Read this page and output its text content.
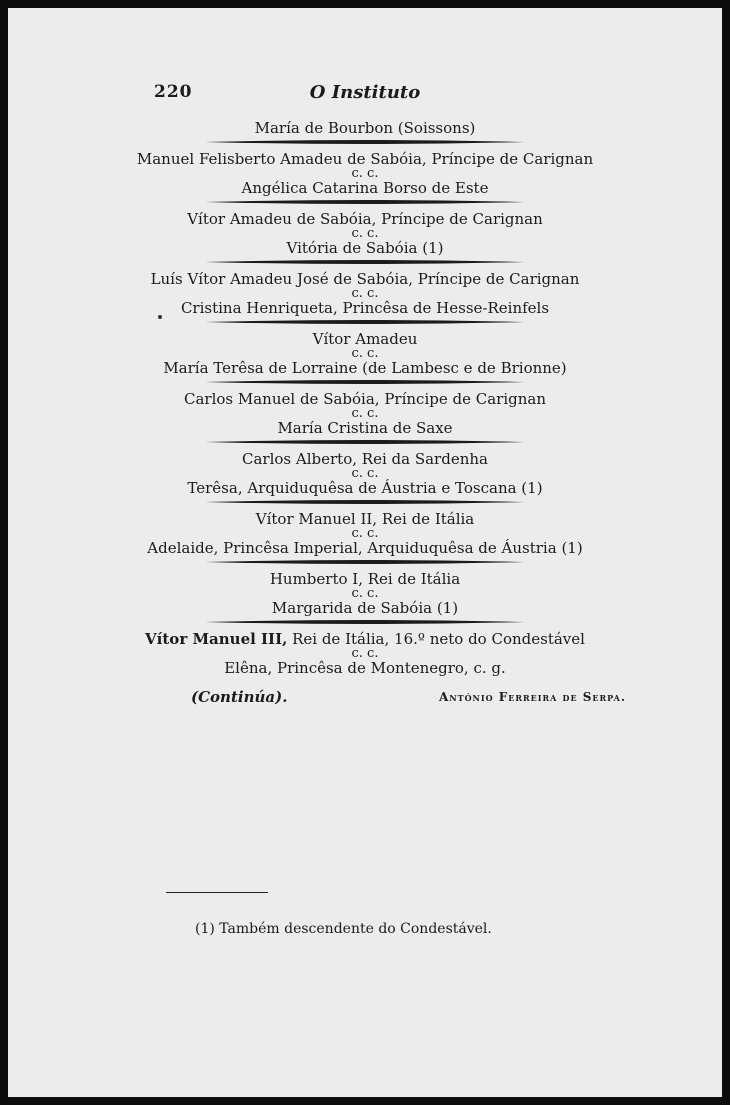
220	O Instituto
María de Bourbon (Soissons)
Manuel Felisberto Amadeu de Sabóia, Príncipe de Carignan
c. c.
Angélica Catarina Borso de Este
Vítor Amadeu de Sabóia, Príncipe de Carignan
c. c.
Vitória de Sabóia (1)
Luís Vítor Amadeu José de Sabóia, Príncipe de Carignan
c. c.
Cristina Henriqueta, Princêsa de Hesse-Reinfels
Vítor Amadeu
c. c.
María Terêsa de Lorraine (de Lambesc e de Brionne)
Carlos Manuel de Sabóia, Príncipe de Carignan
c. c.
María Cristina de Saxe
Carlos Alberto, Rei da Sardenha
c. c.
Terêsa, Arquiduquêsa de Áustria e Toscana (1)
Vítor Manuel II, Rei de Itália
c. c.
Adelaide, Princêsa Imperial, Arquiduquêsa de Áustria (1)
Humberto I, Rei de Itália
c. c.
Margarida de Sabóia (1)
Vítor Manuel III, Rei de Itália, 16.º neto do Condestável
c. c.
Elêna, Princêsa de Montenegro, c. g.
(Continúa).	António Ferreira de Serpa.
(1) Também descendente do Condestável.
